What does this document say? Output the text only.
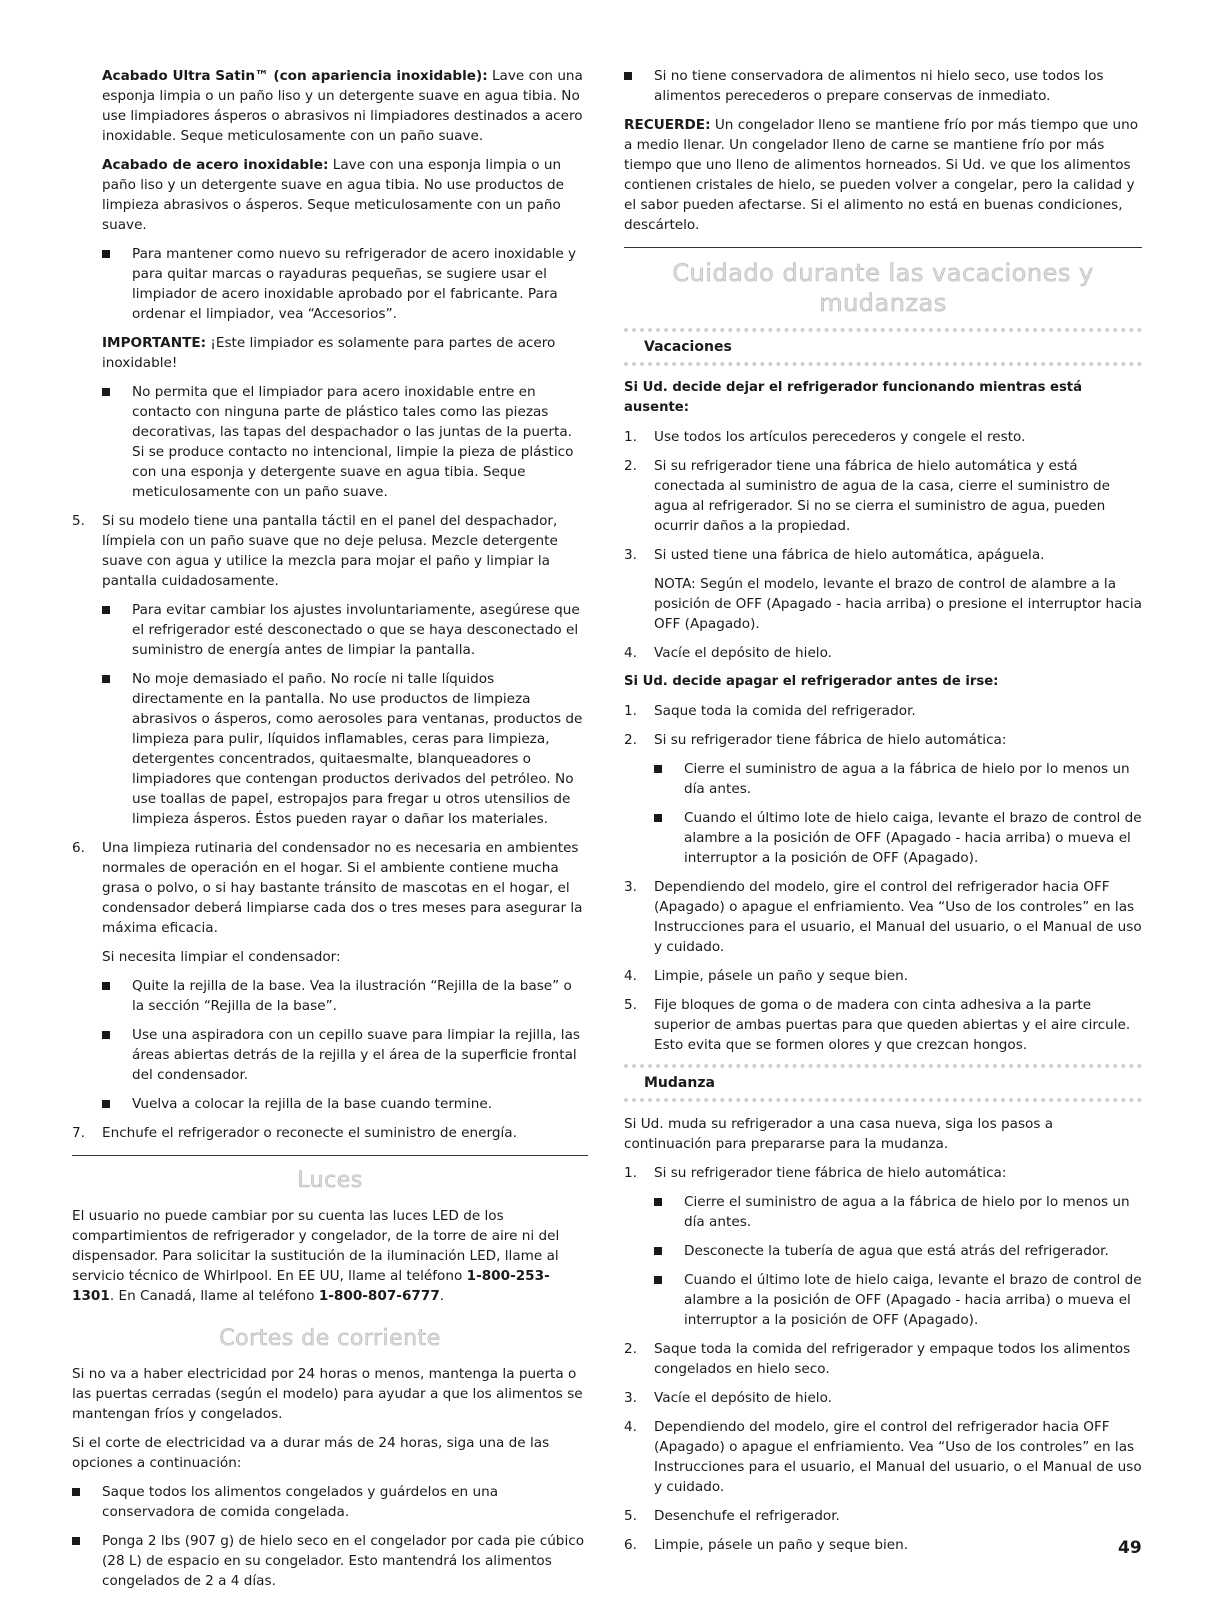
Acabado Ultra Satin™ (con apariencia inoxidable): Lave con una esponja limpia o un paño liso y un detergente suave en agua tibia. No use limpiadores ásperos o abrasivos ni limpiadores destinados a acero inoxidable. Seque meticulosamente con un paño suave.

Acabado de acero inoxidable: Lave con una esponja limpia o un paño liso y un detergente suave en agua tibia. No use productos de limpieza abrasivos o ásperos. Seque meticulosamente con un paño suave.

Para mantener como nuevo su refrigerador de acero inoxidable y para quitar marcas o rayaduras pequeñas, se sugiere usar el limpiador de acero inoxidable aprobado por el fabricante. Para ordenar el limpiador, vea “Accesorios”.

IMPORTANTE: ¡Este limpiador es solamente para partes de acero inoxidable!

No permita que el limpiador para acero inoxidable entre en contacto con ninguna parte de plástico tales como las piezas decorativas, las tapas del despachador o las juntas de la puerta. Si se produce contacto no intencional, limpie la pieza de plástico con una esponja y detergente suave en agua tibia. Seque meticulosamente con un paño suave.
5. Si su modelo tiene una pantalla táctil en el panel del despachador, límpiela con un paño suave que no deje pelusa. Mezcle detergente suave con agua y utilice la mezcla para mojar el paño y limpiar la pantalla cuidadosamente.
Para evitar cambiar los ajustes involuntariamente, asegúrese que el refrigerador esté desconectado o que se haya desconectado el suministro de energía antes de limpiar la pantalla.
No moje demasiado el paño. No rocíe ni talle líquidos directamente en la pantalla. No use productos de limpieza abrasivos o ásperos, como aerosoles para ventanas, productos de limpieza para pulir, líquidos inflamables, ceras para limpieza, detergentes concentrados, quitaesmalte, blanqueadores o limpiadores que contengan productos derivados del petróleo. No use toallas de papel, estropajos para fregar u otros utensilios de limpieza ásperos. Éstos pueden rayar o dañar los materiales.
6. Una limpieza rutinaria del condensador no es necesaria en ambientes normales de operación en el hogar. Si el ambiente contiene mucha grasa o polvo, o si hay bastante tránsito de mascotas en el hogar, el condensador deberá limpiarse cada dos o tres meses para asegurar la máxima eficacia.

Si necesita limpiar el condensador:

Quite la rejilla de la base. Vea la ilustración “Rejilla de la base” o la sección “Rejilla de la base”.
Use una aspiradora con un cepillo suave para limpiar la rejilla, las áreas abiertas detrás de la rejilla y el área de la superficie frontal del condensador.
Vuelva a colocar la rejilla de la base cuando termine.
7. Enchufe el refrigerador o reconecte el suministro de energía.
Luces

El usuario no puede cambiar por su cuenta las luces LED de los compartimientos de refrigerador y congelador, de la torre de aire ni del dispensador. Para solicitar la sustitución de la iluminación LED, llame al servicio técnico de Whirlpool. En EE UU, llame al teléfono 1-800-253-1301. En Canadá, llame al teléfono 1-800-807-6777.

Cortes de corriente

Si no va a haber electricidad por 24 horas o menos, mantenga la puerta o las puertas cerradas (según el modelo) para ayudar a que los alimentos se mantengan fríos y congelados.

Si el corte de electricidad va a durar más de 24 horas, siga una de las opciones a continuación:

Saque todos los alimentos congelados y guárdelos en una conservadora de comida congelada.
Ponga 2 lbs (907 g) de hielo seco en el congelador por cada pie cúbico (28 L) de espacio en su congelador. Esto mantendrá los alimentos congelados de 2 a 4 días.
Si no tiene conservadora de alimentos ni hielo seco, use todos los alimentos perecederos o prepare conservas de inmediato.

RECUERDE: Un congelador lleno se mantiene frío por más tiempo que uno a medio llenar. Un congelador lleno de carne se mantiene frío por más tiempo que uno lleno de alimentos horneados. Si Ud. ve que los alimentos contienen cristales de hielo, se pueden volver a congelar, pero la calidad y el sabor pueden afectarse. Si el alimento no está en buenas condiciones, descártelo.

Cuidado durante las vacaciones y mudanzas
Vacaciones
Si Ud. decide dejar el refrigerador funcionando mientras está ausente:
1. Use todos los artículos perecederos y congele el resto.
2. Si su refrigerador tiene una fábrica de hielo automática y está conectada al suministro de agua de la casa, cierre el suministro de agua al refrigerador. Si no se cierra el suministro de agua, pueden ocurrir daños a la propiedad.
3. Si usted tiene una fábrica de hielo automática, apáguela.

NOTA: Según el modelo, levante el brazo de control de alambre a la posición de OFF (Apagado - hacia arriba) o presione el interruptor hacia OFF (Apagado).

4. Vacíe el depósito de hielo.
Si Ud. decide apagar el refrigerador antes de irse:
1. Saque toda la comida del refrigerador.
2. Si su refrigerador tiene fábrica de hielo automática:
Cierre el suministro de agua a la fábrica de hielo por lo menos un día antes.
Cuando el último lote de hielo caiga, levante el brazo de control de alambre a la posición de OFF (Apagado - hacia arriba) o mueva el interruptor a la posición de OFF (Apagado).
3. Dependiendo del modelo, gire el control del refrigerador hacia OFF (Apagado) o apague el enfriamiento. Vea “Uso de los controles” en las Instrucciones para el usuario, el Manual del usuario, o el Manual de uso y cuidado.
4. Limpie, pásele un paño y seque bien.
5. Fije bloques de goma o de madera con cinta adhesiva a la parte superior de ambas puertas para que queden abiertas y el aire circule. Esto evita que se formen olores y que crezcan hongos.
Mudanza

Si Ud. muda su refrigerador a una casa nueva, siga los pasos a continuación para prepararse para la mudanza.

1. Si su refrigerador tiene fábrica de hielo automática:
Cierre el suministro de agua a la fábrica de hielo por lo menos un día antes.
Desconecte la tubería de agua que está atrás del refrigerador.
Cuando el último lote de hielo caiga, levante el brazo de control de alambre a la posición de OFF (Apagado - hacia arriba) o mueva el interruptor a la posición de OFF (Apagado).
2. Saque toda la comida del refrigerador y empaque todos los alimentos congelados en hielo seco.
3. Vacíe el depósito de hielo.
4. Dependiendo del modelo, gire el control del refrigerador hacia OFF (Apagado) o apague el enfriamiento. Vea “Uso de los controles” en las Instrucciones para el usuario, el Manual del usuario, o el Manual de uso y cuidado.
5. Desenchufe el refrigerador.
6. Limpie, pásele un paño y seque bien.	49
